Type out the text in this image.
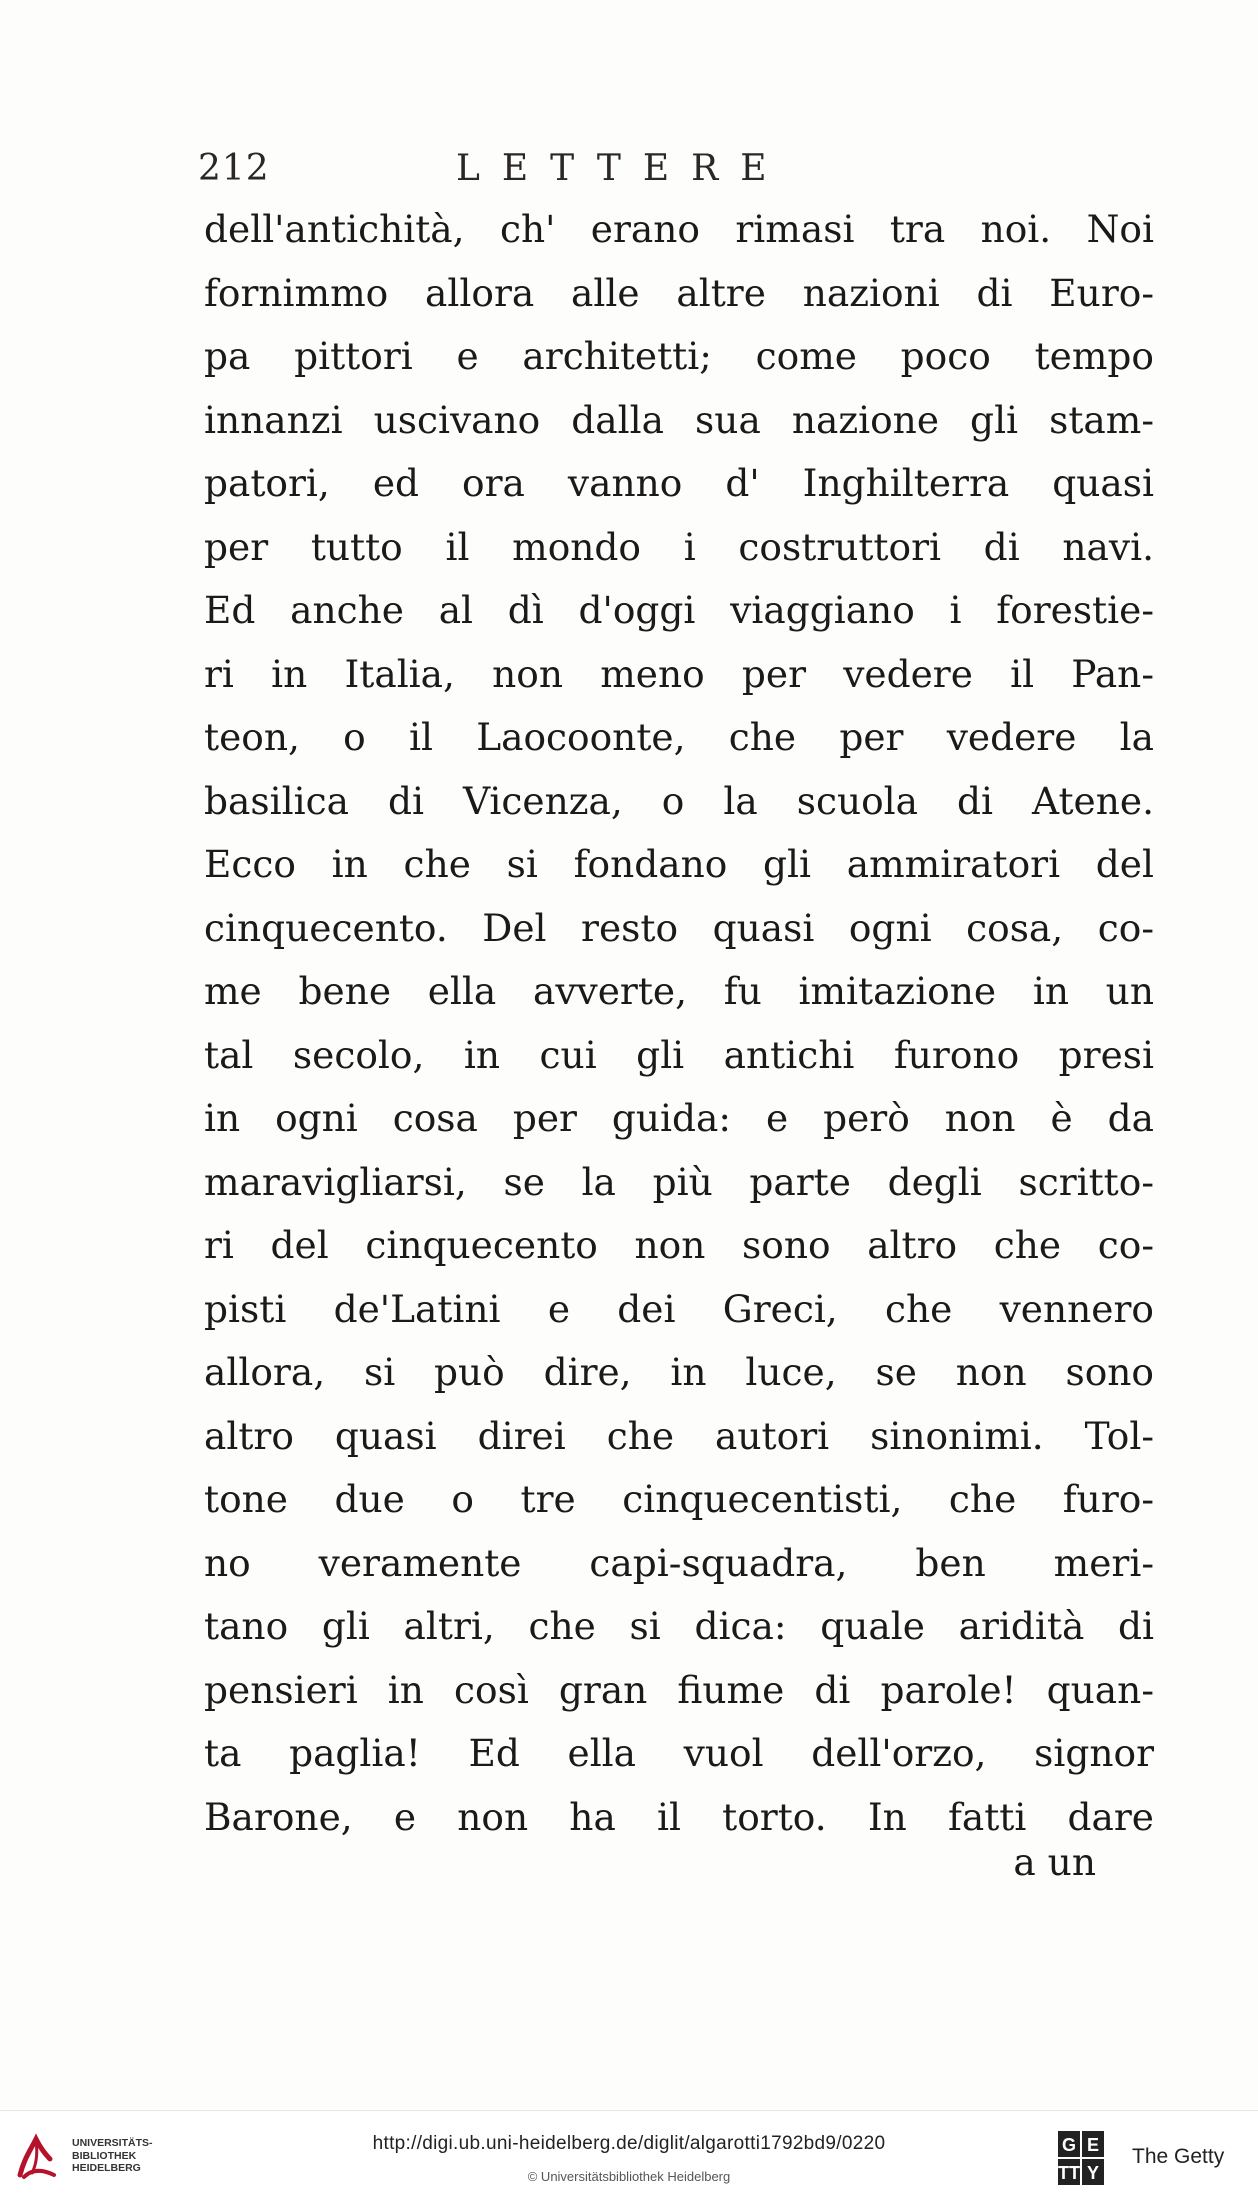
212	LETTERE
dell'antichità, ch' erano rimasi tra noi. Noi
fornimmo allora alle altre nazioni di Euro-
pa pittori e architetti; come poco tempo
innanzi uscivano dalla sua nazione gli stam-
patori, ed ora vanno d' Inghilterra quasi
per tutto il mondo i costruttori di navi.
Ed anche al dì d'oggi viaggiano i forestie-
ri in Italia, non meno per vedere il Pan-
teon, o il Laocoonte, che per vedere la
basilica di Vicenza, o la scuola di Atene.
Ecco in che si fondano gli ammiratori del
cinquecento. Del resto quasi ogni cosa, co-
me bene ella avverte, fu imitazione in un
tal secolo, in cui gli antichi furono presi
in ogni cosa per guida: e però non è da
maravigliarsi, se la più parte degli scritto-
ri del cinquecento non sono altro che co-
pisti de'Latini e dei Greci, che vennero
allora, si può dire, in luce, se non sono
altro quasi direi che autori sinonimi. Tol-
tone due o tre cinquecentisti, che furo-
no veramente capi-squadra, ben meri-
tano gli altri, che si dica: quale aridità di
pensieri in così gran fiume di parole! quan-
ta paglia! Ed ella vuol dell'orzo, signor
Barone, e non ha il torto. In fatti dare
a un
UNIVERSITÄTS-
BIBLIOTHEK
HEIDELBERG
http://digi.ub.uni-heidelberg.de/diglit/algarotti1792bd9/0220
© Universitätsbibliothek Heidelberg
G E
TT Y
The Getty
